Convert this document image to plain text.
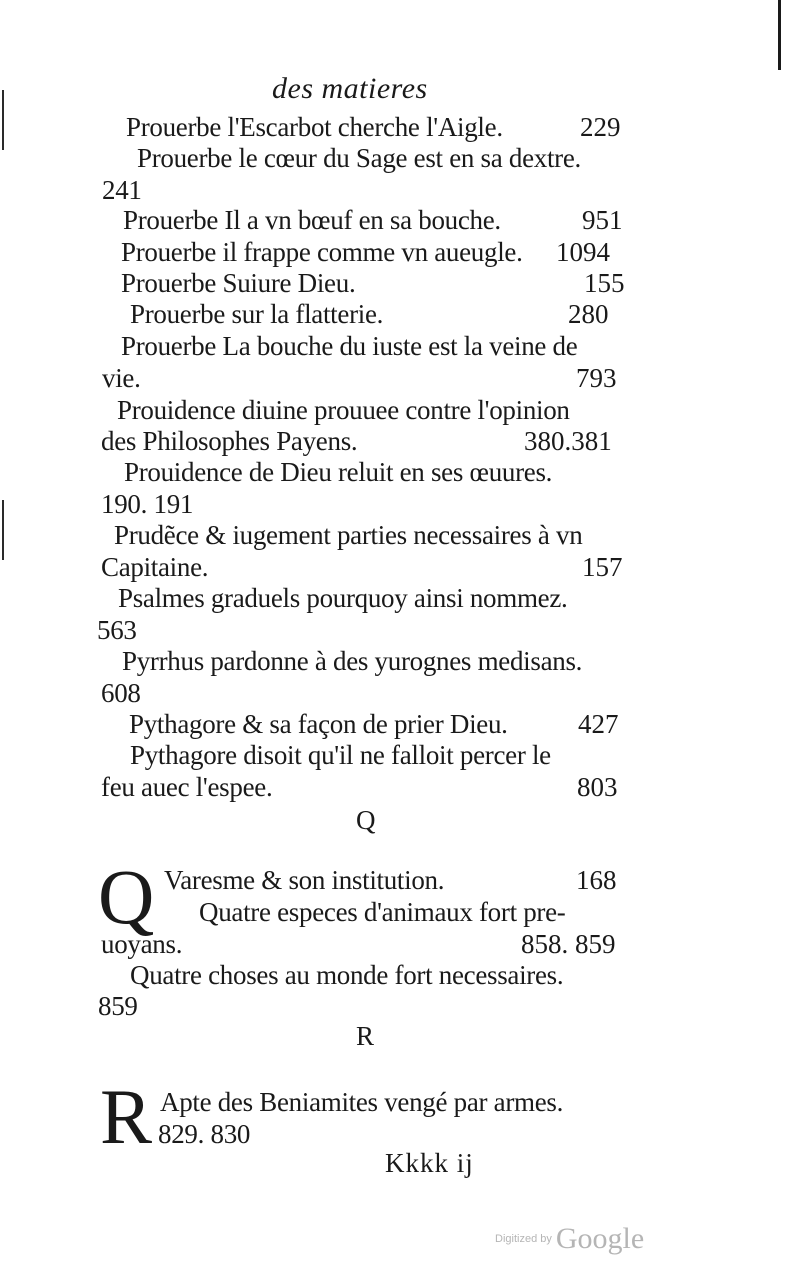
des matieres
Prouerbe l'Escarbot cherche l'Aigle.	229
Prouerbe le cœur du Sage est en sa dextre.
241
Prouerbe Il a vn bœuf en sa bouche.	951
Prouerbe il frappe comme vn aueugle. 1094
Prouerbe Suiure Dieu.	155
Prouerbe sur la flatterie.	280
Prouerbe La bouche du iuste est la veine de
vie.	793
Prouidence diuine prouuee contre l'opinion
des Philosophes Payens.	380.381
Prouidence de Dieu reluit en ses œuures.
190. 191
Prudẽce & iugement parties necessaires à vn
Capitaine.	157
Psalmes graduels pourquoy ainsi nommez.
563
Pyrrhus pardonne à des yurognes medisans.
608
Pythagore & sa façon de prier Dieu.	427
Pythagore disoit qu'il ne falloit percer le
feu auec l'espee.	803
Q
Q Varesme & son institution.	168
Quatre especes d'animaux fort pre-
uoyans.	858. 859
Quatre choses au monde fort necessaires.
859
R
R Apte des Beniamites vengé par armes.
829. 830
Kkkk ij
Digitized by Google
